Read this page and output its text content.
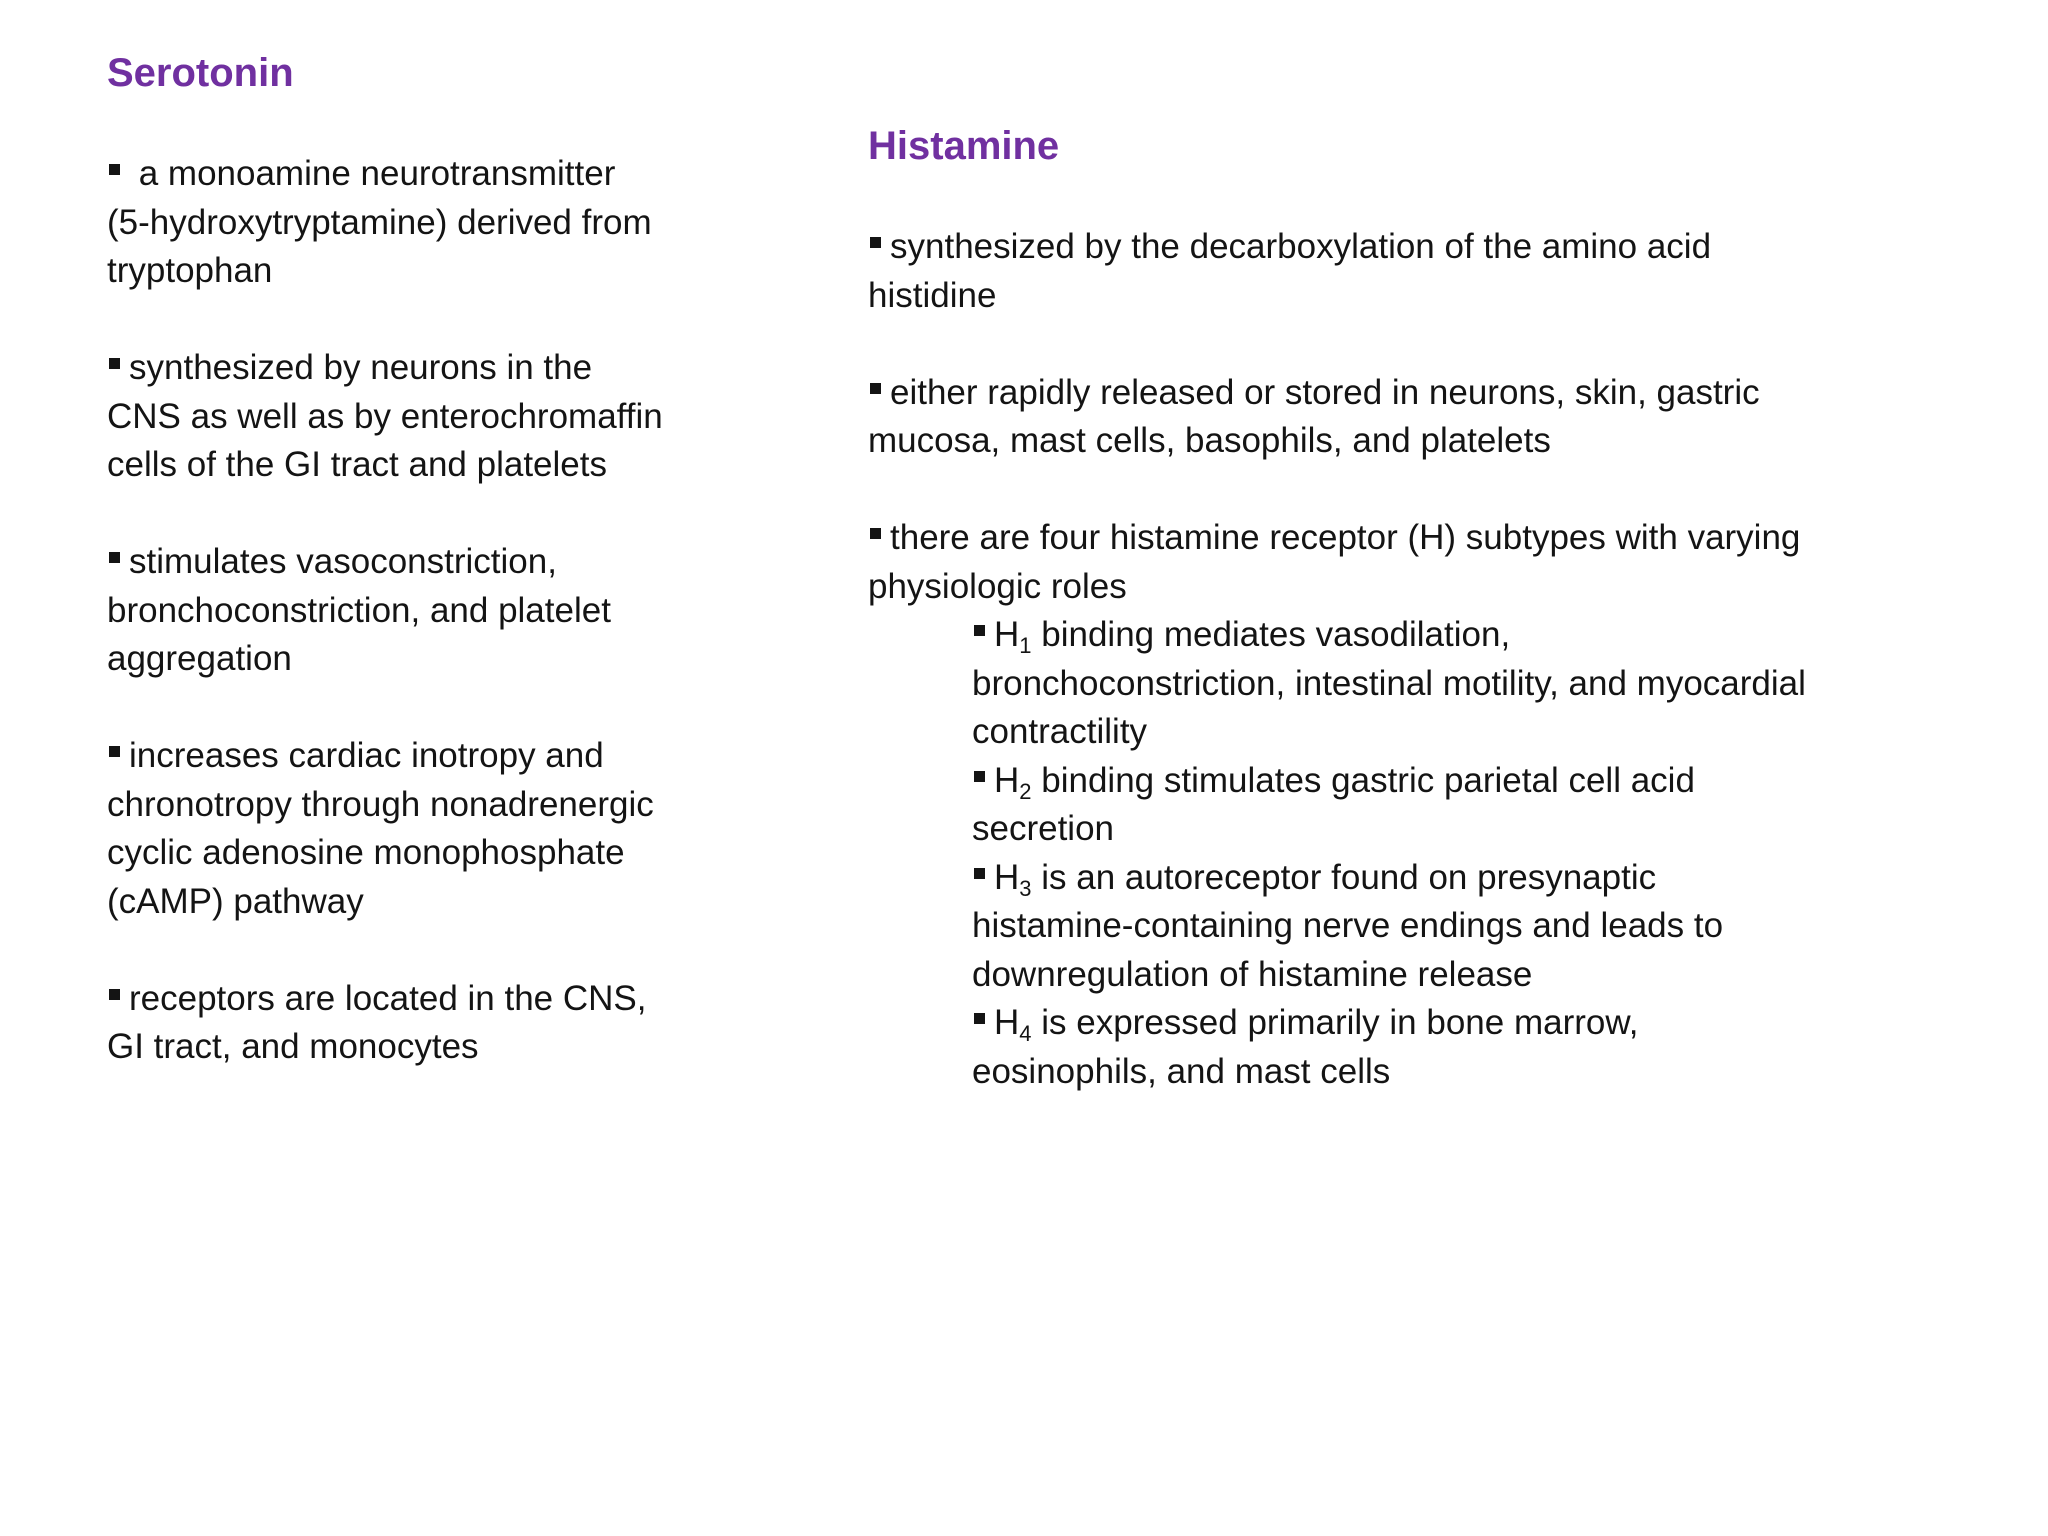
Serotonin
a monoamine neurotransmitter (5-hydroxytryptamine) derived from tryptophan
synthesized by neurons in the CNS as well as by enterochromaffin cells of the GI tract and platelets
stimulates vasoconstriction, bronchoconstriction, and platelet aggregation
increases cardiac inotropy and chronotropy through nonadrenergic cyclic adenosine monophosphate (cAMP) pathway
receptors are located in the CNS, GI tract, and monocytes
Histamine
synthesized by the decarboxylation of the amino acid histidine
either rapidly released or stored in neurons, skin, gastric mucosa, mast cells, basophils, and platelets
there are four histamine receptor (H) subtypes with varying physiologic roles
$H_1$ binding mediates vasodilation, bronchoconstriction, intestinal motility, and myocardial contractility
$H_2$ binding stimulates gastric parietal cell acid secretion
$H_3$ is an autoreceptor found on presynaptic histamine-containing nerve endings and leads to downregulation of histamine release
$H_4$ is expressed primarily in bone marrow, eosinophils, and mast cells
